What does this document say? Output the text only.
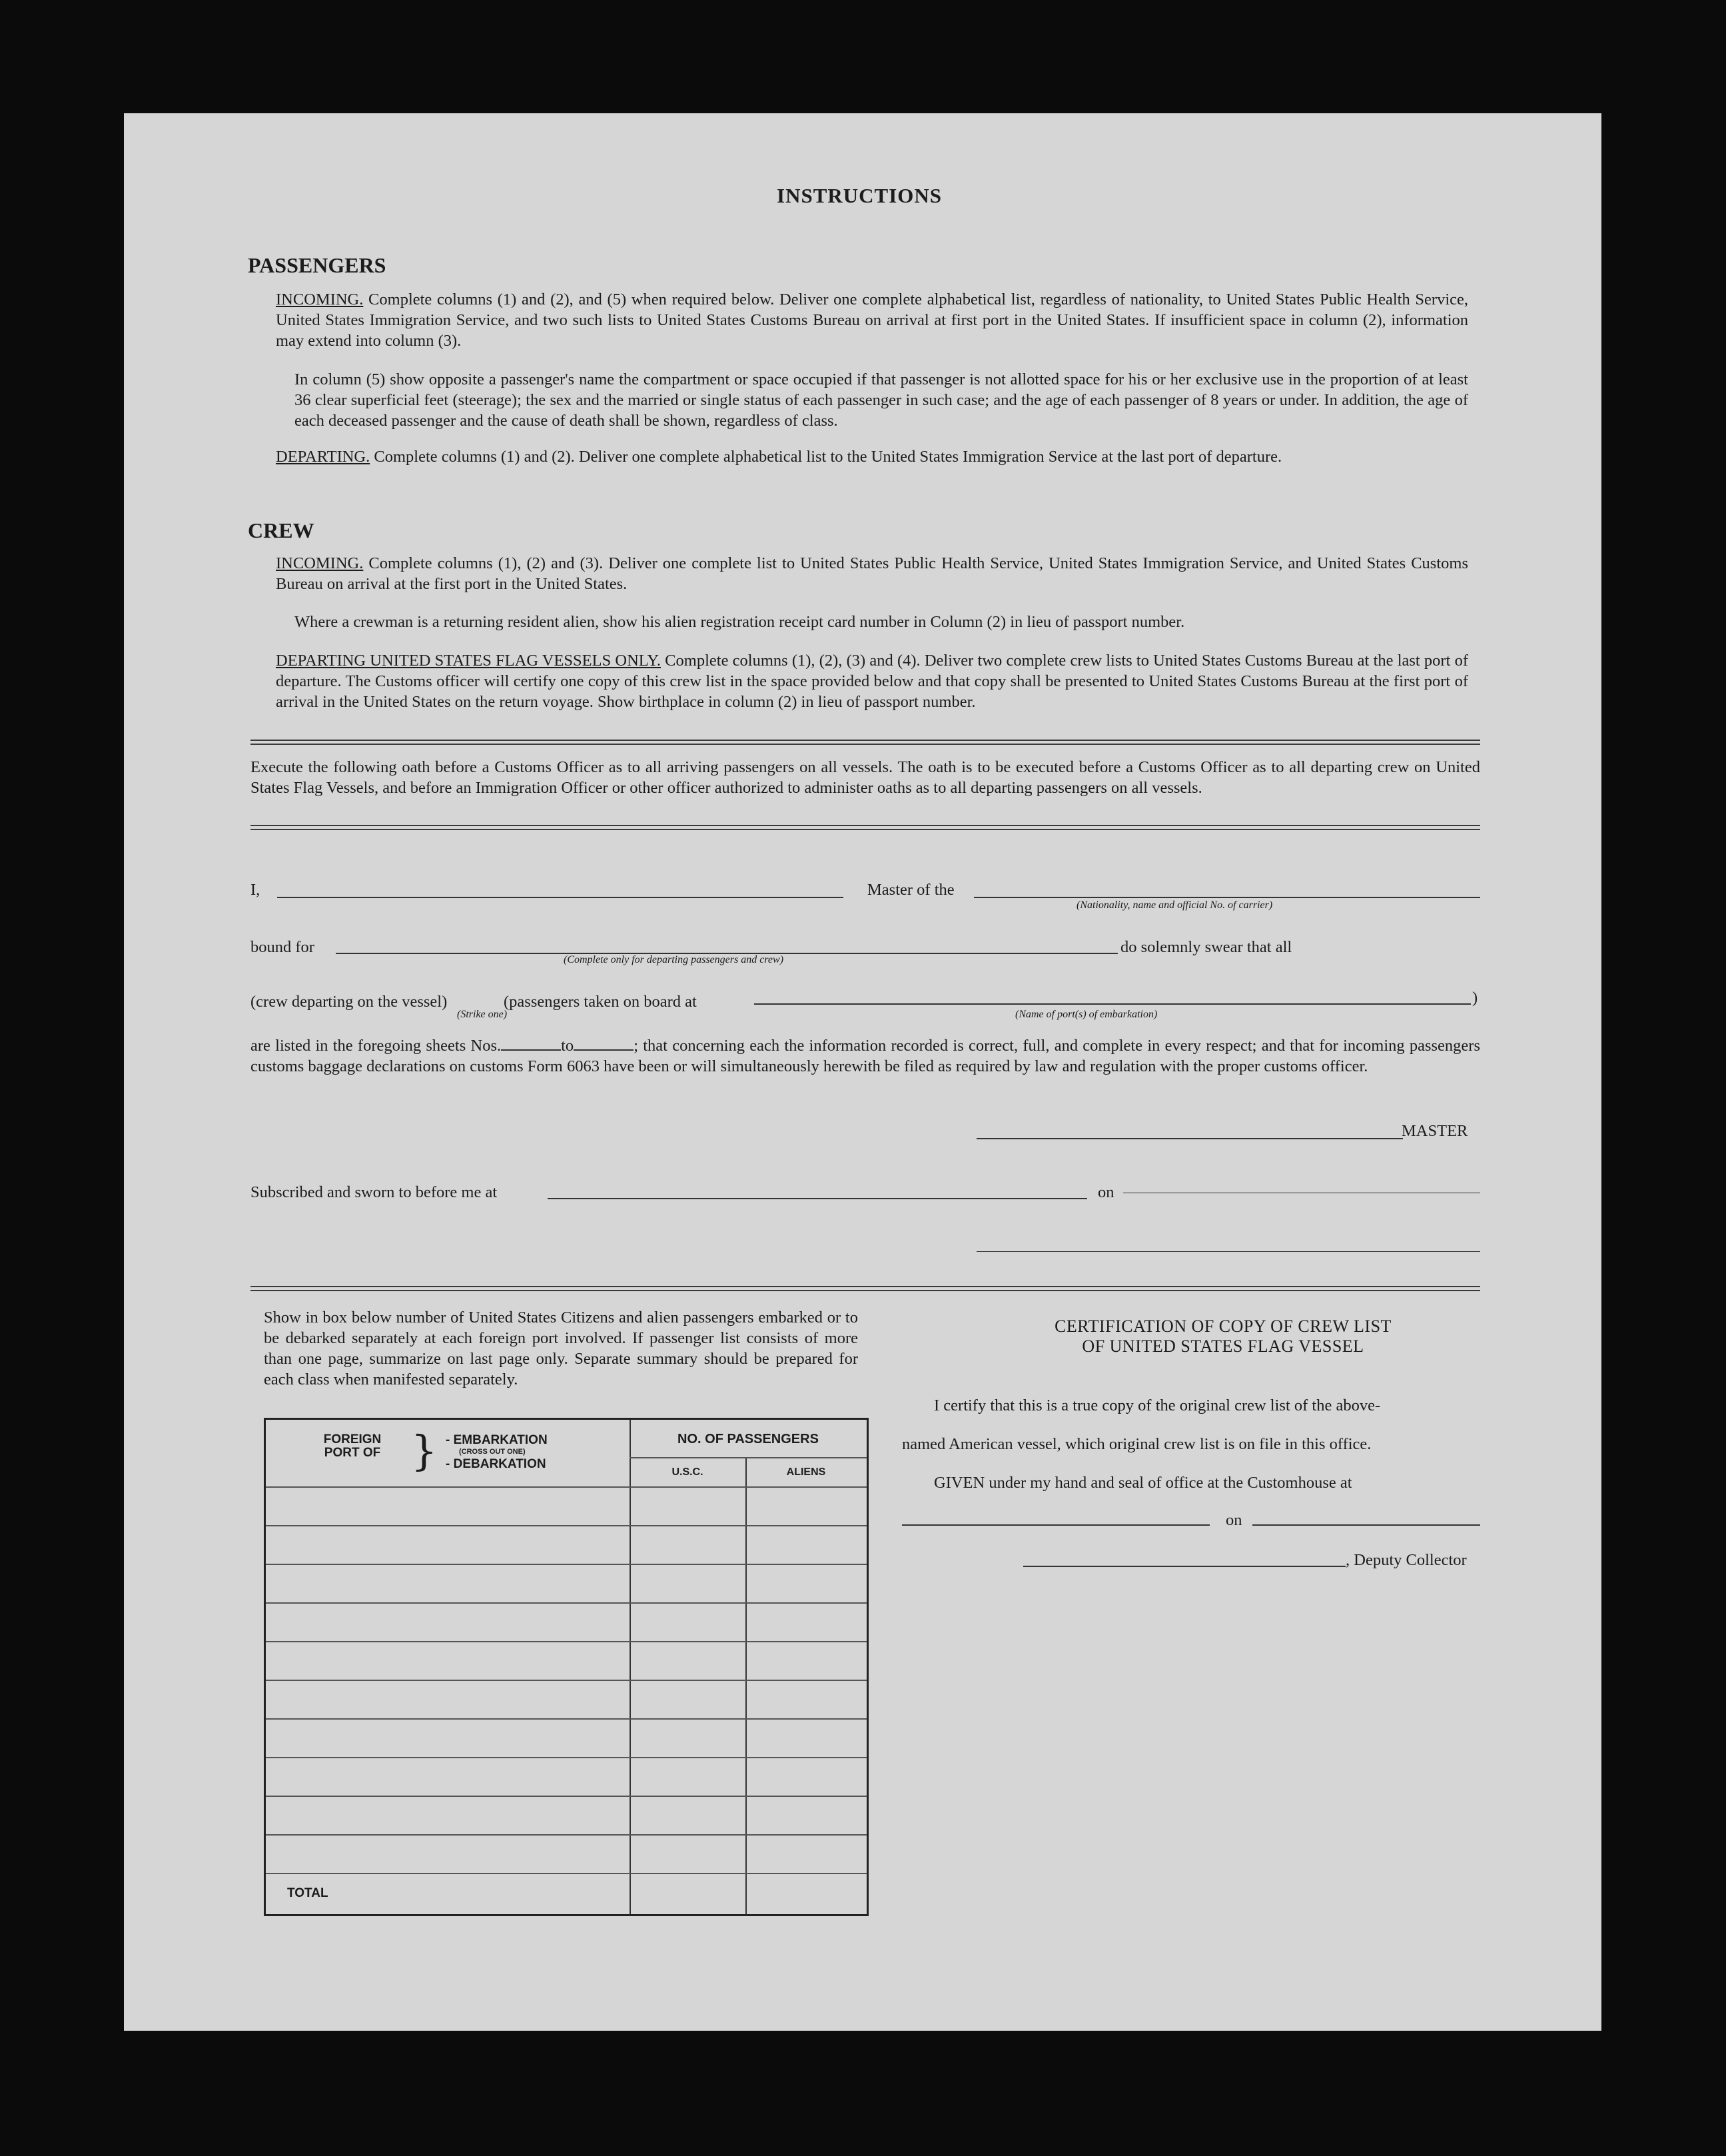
INSTRUCTIONS
PASSENGERS
INCOMING. Complete columns (1) and (2), and (5) when required below. Deliver one complete alphabetical list, regardless of nationality, to United States Public Health Service, United States Immigration Service, and two such lists to United States Customs Bureau on arrival at first port in the United States. If insufficient space in column (2), information may extend into column (3).
In column (5) show opposite a passenger's name the compartment or space occupied if that passenger is not allotted space for his or her exclusive use in the proportion of at least 36 clear superficial feet (steerage); the sex and the married or single status of each passenger in such case; and the age of each passenger of 8 years or under. In addition, the age of each deceased passenger and the cause of death shall be shown, regardless of class.
DEPARTING. Complete columns (1) and (2). Deliver one complete alphabetical list to the United States Immigration Service at the last port of departure.
CREW
INCOMING. Complete columns (1), (2) and (3). Deliver one complete list to United States Public Health Service, United States Immigration Service, and United States Customs Bureau on arrival at the first port in the United States.
Where a crewman is a returning resident alien, show his alien registration receipt card number in Column (2) in lieu of passport number.
DEPARTING UNITED STATES FLAG VESSELS ONLY. Complete columns (1), (2), (3) and (4). Deliver two complete crew lists to United States Customs Bureau at the last port of departure. The Customs officer will certify one copy of this crew list in the space provided below and that copy shall be presented to United States Customs Bureau at the first port of arrival in the United States on the return voyage. Show birthplace in column (2) in lieu of passport number.
Execute the following oath before a Customs Officer as to all arriving passengers on all vessels. The oath is to be executed before a Customs Officer as to all departing crew on United States Flag Vessels, and before an Immigration Officer or other officer authorized to administer oaths as to all departing passengers on all vessels.
I,	Master of the
(Nationality, name and official No. of carrier)
bound for
(Complete only for departing passengers and crew)
do solemnly swear that all
(crew departing on the vessel)	(passengers taken on board at	)
(Strike one)	(Name of port(s) of embarkation)
are listed in the foregoing sheets Nos.	to	; that concerning each the information recorded is correct, full, and complete in every respect; and that for incoming passengers customs baggage declarations on customs Form 6063 have been or will simultaneously herewith be filed as required by law and regulation with the proper customs officer.
MASTER
Subscribed and sworn to before me at	on
Show in box below number of United States Citizens and alien passengers embarked or to be debarked separately at each foreign port involved. If passenger list consists of more than one page, summarize on last page only. Separate summary should be prepared for each class when manifested separately.
FOREIGN PORT OF } - EMBARKATION
(CROSS OUT ONE)
- DEBARKATION
NO. OF PASSENGERS
U.S.C.	ALIENS
TOTAL
CERTIFICATION OF COPY OF CREW LIST
OF UNITED STATES FLAG VESSEL
I certify that this is a true copy of the original crew list of the above-
named American vessel, which original crew list is on file in this office.
GIVEN under my hand and seal of office at the Customhouse at
on
, Deputy Collector
